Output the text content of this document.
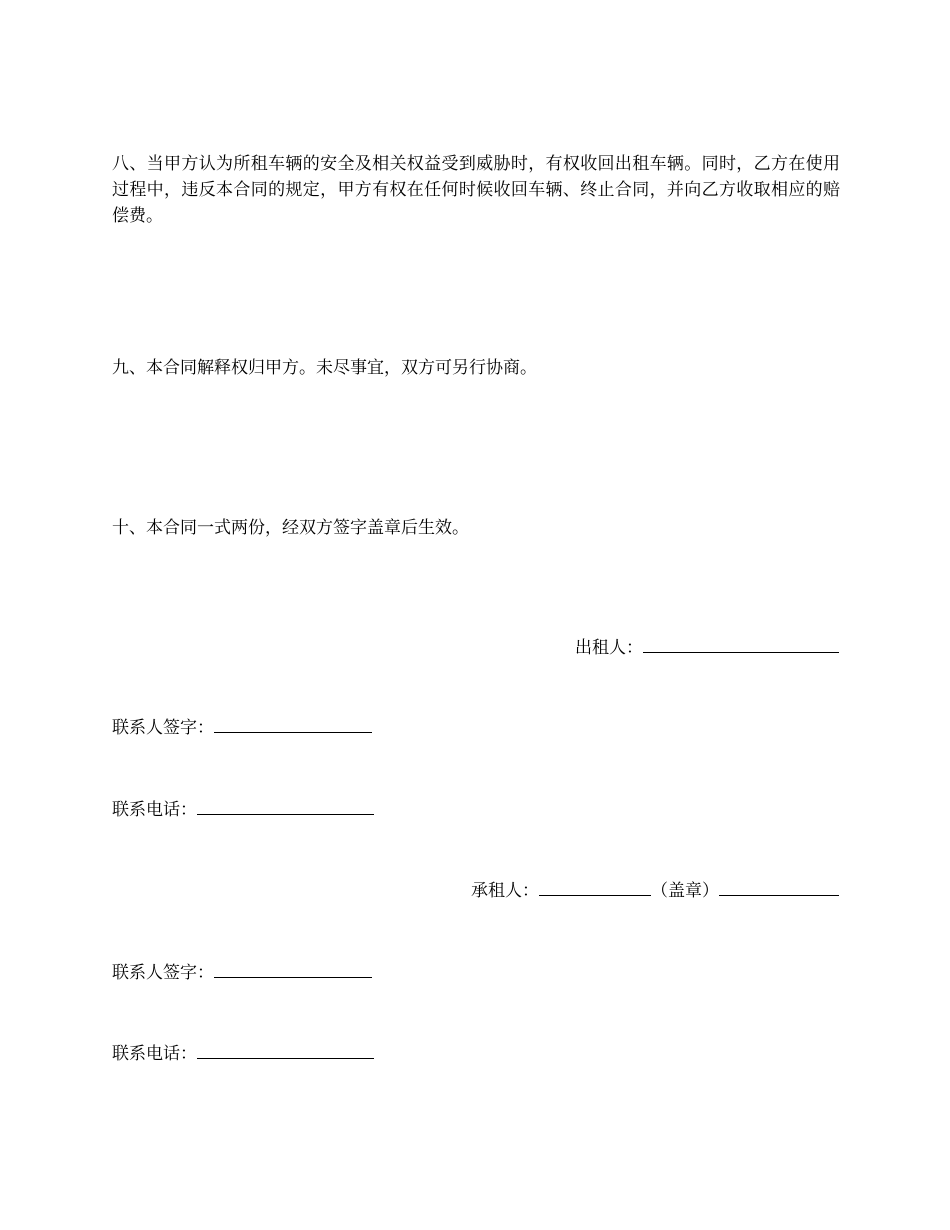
八、当甲方认为所租车辆的安全及相关权益受到威胁时，有权收回出租车辆。同时，乙方在使用过程中，违反本合同的规定，甲方有权在任何时候收回车辆、终止合同，并向乙方收取相应的赔偿费。

九、本合同解释权归甲方。未尽事宜，双方可另行协商。

十、本合同一式两份，经双方签字盖章后生效。

出租人：
联系人签字：
联系电话：
承租人：	（盖章）
联系人签字：
联系电话：
